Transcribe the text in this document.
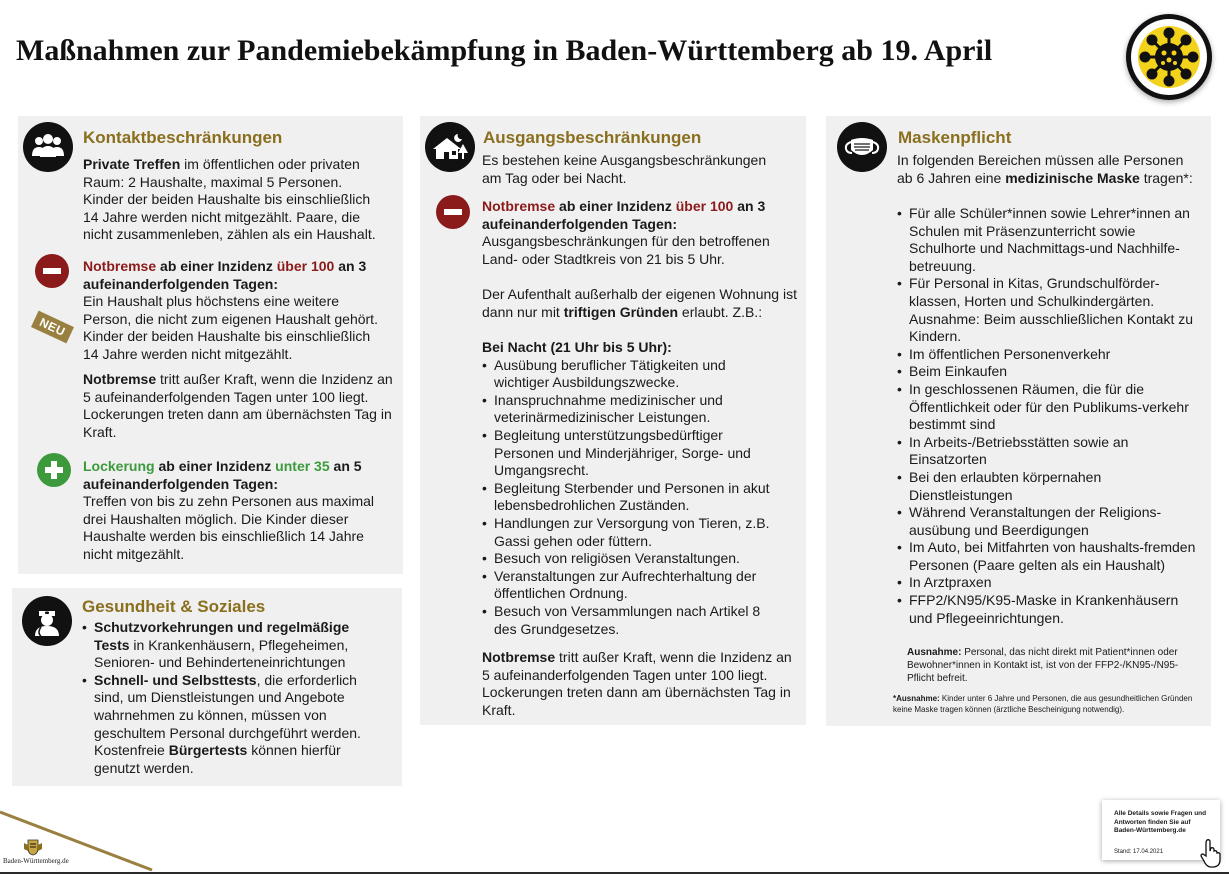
Maßnahmen zur Pandemiebekämpfung in Baden-Württemberg ab 19. April
Kontaktbeschränkungen
Private Treffen im öffentlichen oder privaten Raum: 2 Haushalte, maximal 5 Personen. Kinder der beiden Haushalte bis einschließlich 14 Jahre werden nicht mitgezählt. Paare, die nicht zusammenleben, zählen als ein Haushalt.
NEU
Notbremse ab einer Inzidenz über 100 an 3 aufeinanderfolgenden Tagen:
Ein Haushalt plus höchstens eine weitere Person, die nicht zum eigenen Haushalt gehört. Kinder der beiden Haushalte bis einschließlich 14 Jahre werden nicht mitgezählt.
Notbremse tritt außer Kraft, wenn die Inzidenz an 5 aufeinanderfolgenden Tagen unter 100 liegt. Lockerungen treten dann am übernächsten Tag in Kraft.
Lockerung ab einer Inzidenz unter 35 an 5 aufeinanderfolgenden Tagen:
Treffen von bis zu zehn Personen aus maximal drei Haushalten möglich. Die Kinder dieser Haushalte werden bis einschließlich 14 Jahre nicht mitgezählt.
Gesundheit & Soziales
• Schutzvorkehrungen und regelmäßige Tests in Krankenhäusern, Pflegeheimen, Senioren- und Behinderteneinrichtungen
• Schnell- und Selbsttests, die erforderlich sind, um Dienstleistungen und Angebote wahrnehmen zu können, müssen von geschultem Personal durchgeführt werden. Kostenfreie Bürgertests können hierfür genutzt werden.
Ausgangsbeschränkungen
Es bestehen keine Ausgangsbeschränkungen am Tag oder bei Nacht.
Notbremse ab einer Inzidenz über 100 an 3 aufeinanderfolgenden Tagen:
Ausgangsbeschränkungen für den betroffenen Land- oder Stadtkreis von 21 bis 5 Uhr.
Der Aufenthalt außerhalb der eigenen Wohnung ist dann nur mit triftigen Gründen erlaubt. Z.B.:
Bei Nacht (21 Uhr bis 5 Uhr):
• Ausübung beruflicher Tätigkeiten und wichtiger Ausbildungszwecke.
• Inanspruchnahme medizinischer und veterinärmedizinischer Leistungen.
• Begleitung unterstützungsbedürftiger Personen und Minderjähriger, Sorge- und Umgangsrecht.
• Begleitung Sterbender und Personen in akut lebensbedrohlichen Zuständen.
• Handlungen zur Versorgung von Tieren, z.B. Gassi gehen oder füttern.
• Besuch von religiösen Veranstaltungen.
• Veranstaltungen zur Aufrechterhaltung der öffentlichen Ordnung.
• Besuch von Versammlungen nach Artikel 8 des Grundgesetzes.
Notbremse tritt außer Kraft, wenn die Inzidenz an 5 aufeinanderfolgenden Tagen unter 100 liegt. Lockerungen treten dann am übernächsten Tag in Kraft.
Maskenpflicht
In folgenden Bereichen müssen alle Personen ab 6 Jahren eine medizinische Maske tragen*:
• Für alle Schüler*innen sowie Lehrer*innen an Schulen mit Präsenzunterricht sowie Schulhorte und Nachmittags-und Nachhilfe-betreuung.
• Für Personal in Kitas, Grundschulförder-klassen, Horten und Schulkindergärten. Ausnahme: Beim ausschließlichen Kontakt zu Kindern.
• Im öffentlichen Personenverkehr
• Beim Einkaufen
• In geschlossenen Räumen, die für die Öffentlichkeit oder für den Publikums-verkehr bestimmt sind
• In Arbeits-/Betriebsstätten sowie an Einsatzorten
• Bei den erlaubten körpernahen Dienstleistungen
• Während Veranstaltungen der Religions-ausübung und Beerdigungen
• Im Auto, bei Mitfahrten von haushalts-fremden Personen (Paare gelten als ein Haushalt)
• In Arztpraxen
• FFP2/KN95/K95-Maske in Krankenhäusern und Pflegeeinrichtungen.
Ausnahme: Personal, das nicht direkt mit Patient*innen oder Bewohner*innen in Kontakt ist, ist von der FFP2-/KN95-/N95-Pflicht befreit.
*Ausnahme: Kinder unter 6 Jahre und Personen, die aus gesundheitlichen Gründen keine Maske tragen können (ärztliche Bescheinigung notwendig).
Baden-Württemberg.de
Alle Details sowie Fragen und Antworten finden Sie auf
Baden-Württemberg.de
Stand: 17.04.2021
